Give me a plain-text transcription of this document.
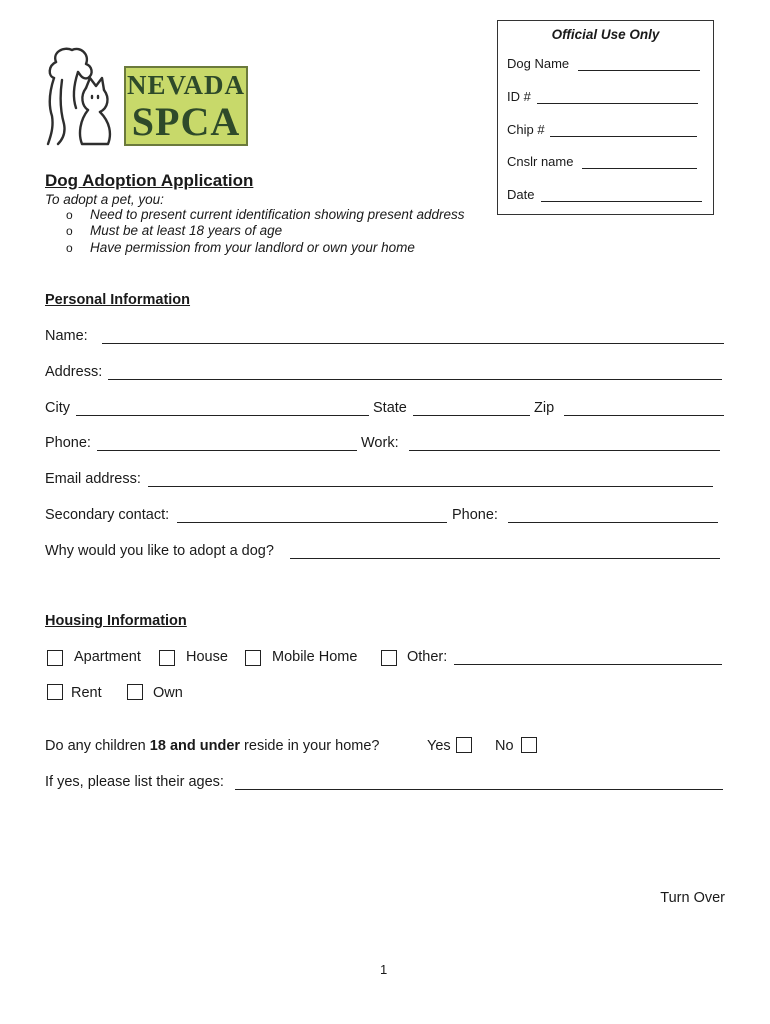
NEVADA
SPCA
Official Use Only
Dog Name
ID #
Chip #
Cnslr name
Date
Dog Adoption Application
To adopt a pet, you:
o Need to present current identification showing present address
o Must be at least 18 years of age
o Have permission from your landlord or own your home
Personal Information
Name:
Address:
City	State	Zip
Phone:	Work:
Email address:
Secondary contact:	Phone:
Why would you like to adopt a dog?
Housing Information
Apartment	House	Mobile Home	Other:
Rent	Own
Do any children 18 and under reside in your home?	Yes	No
If yes, please list their ages:
Turn Over
1
